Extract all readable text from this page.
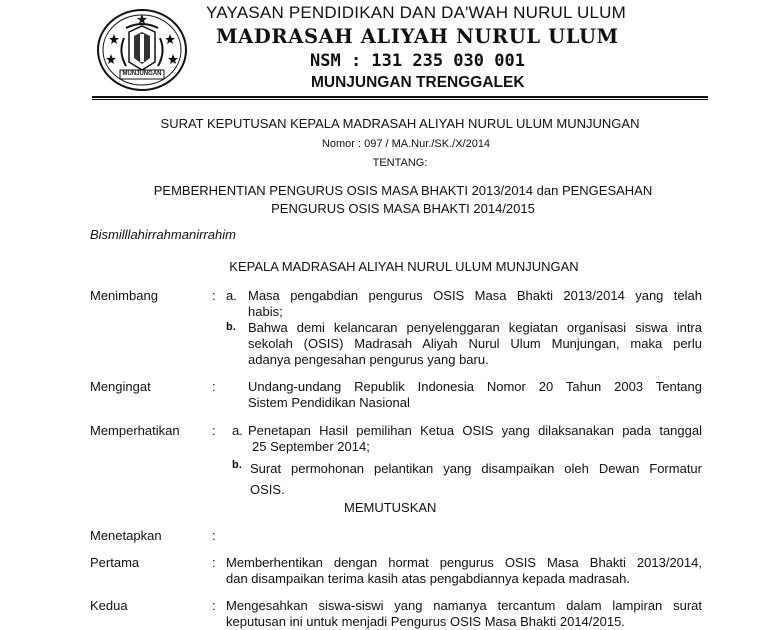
MUNJUNGAN
YAYASAN PENDIDIKAN DAN DA'WAH NURUL ULUM
MADRASAH ALIYAH NURUL ULUM
NSM : 131 235 030 001
MUNJUNGAN TRENGGALEK
SURAT KEPUTUSAN KEPALA MADRASAH ALIYAH NURUL ULUM MUNJUNGAN
Nomor : 097 / MA.Nur./SK./X/2014
TENTANG:
PEMBERHENTIAN PENGURUS OSIS MASA BHAKTI 2013/2014 dan PENGESAHAN
PENGURUS OSIS MASA BHAKTI 2014/2015
Bismilllahirrahmanirrahim
KEPALA MADRASAH ALIYAH NURUL ULUM MUNJUNGAN
Menimbang	: a. Masa pengabdian pengurus OSIS Masa Bhakti 2013/2014 yang telah
habis;
b. Bahwa demi kelancaran penyelenggaran kegiatan organisasi siswa intra
sekolah (OSIS) Madrasah Aliyah Nurul Ulum Munjungan, maka perlu
adanya pengesahan pengurus yang baru.
Mengingat	: Undang-undang Republik Indonesia Nomor 20 Tahun 2003 Tentang
Sistem Pendidikan Nasional
Memperhatikan : a. Penetapan Hasil pemilihan Ketua OSIS yang dilaksanakan pada tanggal
25 September 2014;
b. Surat permohonan pelantikan yang disampaikan oleh Dewan Formatur
OSIS.
MEMUTUSKAN
Menetapkan	:
Pertama	: Memberhentikan dengan hormat pengurus OSIS Masa Bhakti 2013/2014,
dan disampaikan terima kasih atas pengabdiannya kepada madrasah.
Kedua	: Mengesahkan siswa-siswi yang namanya tercantum dalam lampiran surat
keputusan ini untuk menjadi Pengurus OSIS Masa Bhakti 2014/2015.
